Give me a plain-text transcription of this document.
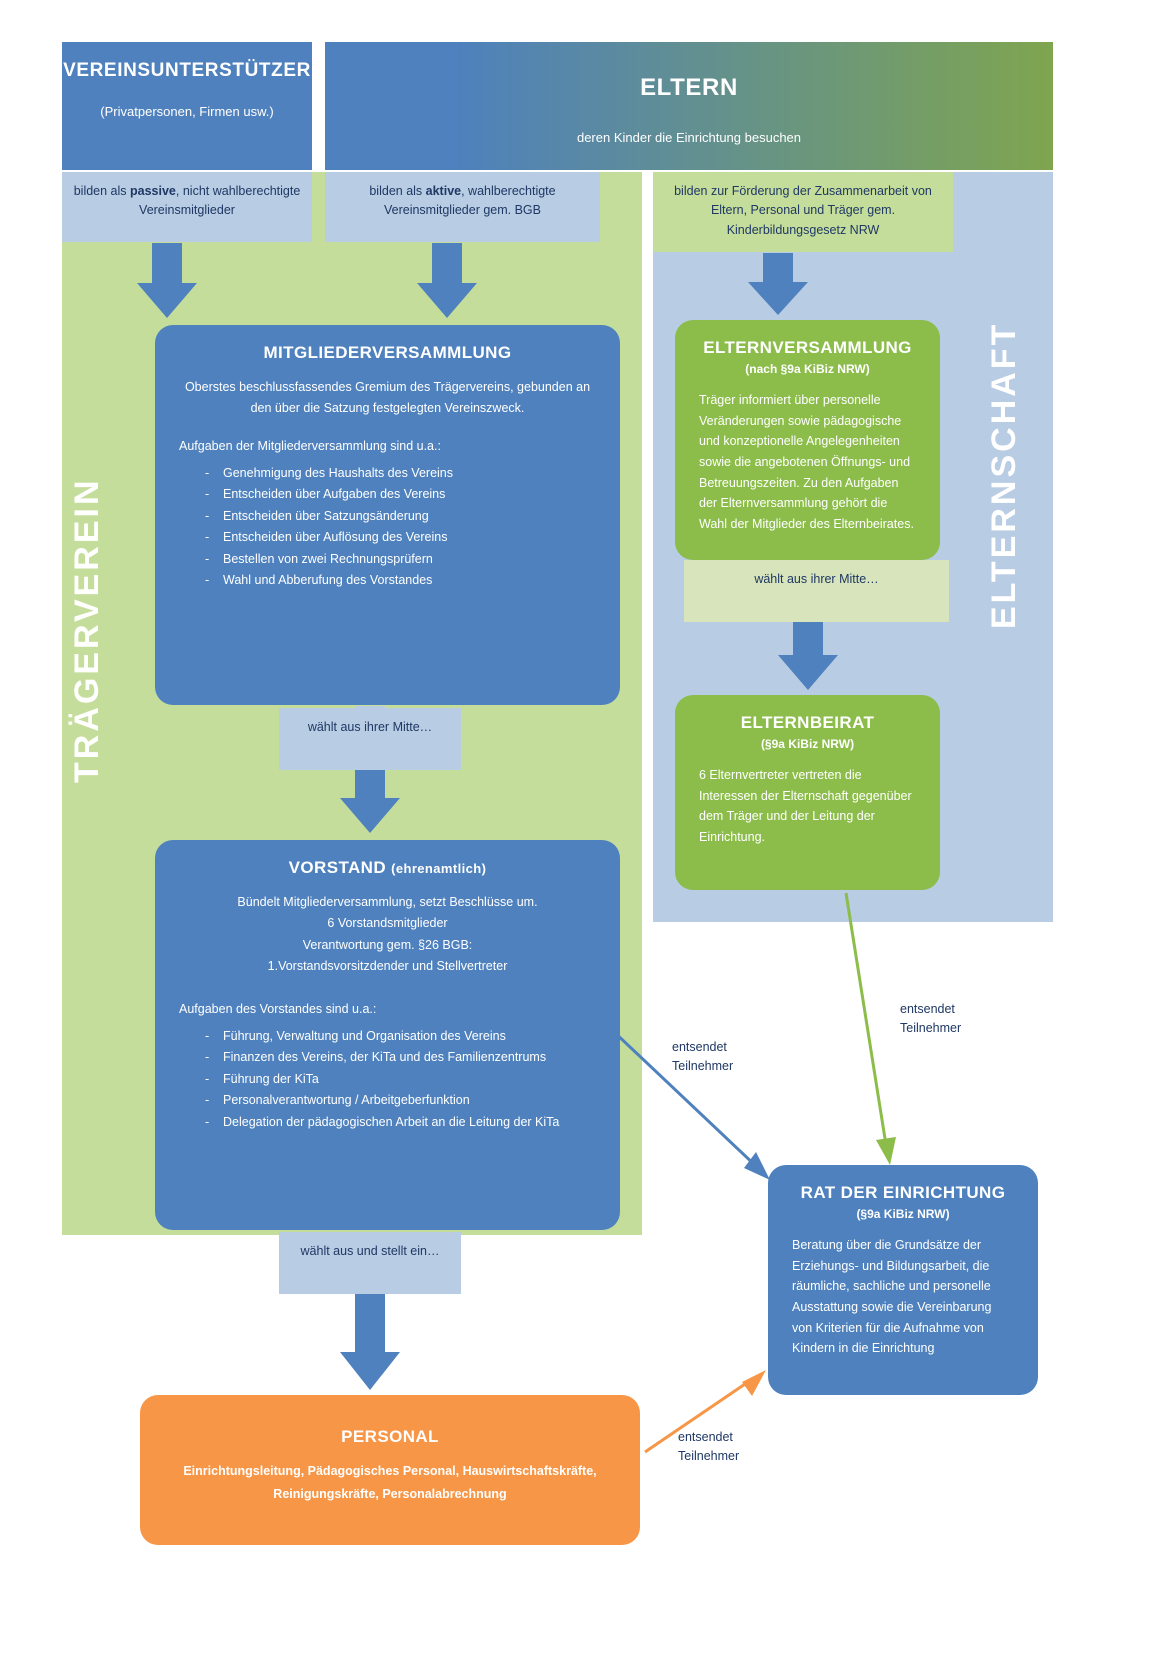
TRÄGERVEREIN
ELTERNSCHAFT
VEREINSUNTERSTÜTZER
(Privatpersonen, Firmen usw.)
ELTERN
deren Kinder die Einrichtung besuchen
bilden als passive, nicht wahlberechtigte Vereinsmitglieder
bilden als aktive, wahlberechtigte Vereinsmitglieder gem. BGB
bilden zur Förderung der Zusammenarbeit von Eltern, Personal und Träger gem. Kinderbildungsgesetz NRW
wählt aus ihrer Mitte…
wählt aus ihrer Mitte…
wählt aus und stellt ein…
entsendet Teilnehmer
entsendet Teilnehmer
entsendet Teilnehmer
MITGLIEDERVERSAMMLUNG

Oberstes beschlussfassendes Gremium des Trägervereins, gebunden an den über die Satzung festgelegten Vereinszweck.

Aufgaben der Mitgliederversammlung sind u.a.:

- Genehmigung des Haushalts des Vereins
- Entscheiden über Aufgaben des Vereins
- Entscheiden über Satzungsänderung
- Entscheiden über Auflösung des Vereins
- Bestellen von zwei Rechnungsprüfern
- Wahl und Abberufung des Vorstandes
VORSTAND (ehrenamtlich)

Bündelt Mitgliederversammlung, setzt Beschlüsse um.

6 Vorstandsmitglieder

Verantwortung gem. §26 BGB:

1.Vorstandsvorsitzdender und Stellvertreter

Aufgaben des Vorstandes sind u.a.:

- Führung, Verwaltung und Organisation des Vereins
- Finanzen des Vereins, der KiTa und des Familienzentrums
- Führung der KiTa
- Personalverantwortung / Arbeitgeberfunktion
- Delegation der pädagogischen Arbeit an die Leitung der KiTa
ELTERNVERSAMMLUNG
(nach §9a KiBiz NRW)

Träger informiert über personelle Veränderungen sowie pädagogische und konzeptionelle Angelegenheiten sowie die angebotenen Öffnungs- und Betreuungszeiten. Zu den Aufgaben der Elternversammlung gehört die Wahl der Mitglieder des Elternbeirates.

ELTERNBEIRAT
(§9a KiBiz NRW)

6 Elternvertreter vertreten die Interessen der Elternschaft gegenüber dem Träger und der Leitung der Einrichtung.

RAT DER EINRICHTUNG
(§9a KiBiz NRW)

Beratung über die Grundsätze der Erziehungs- und Bildungsarbeit, die räumliche, sachliche und personelle Ausstattung sowie die Vereinbarung von Kriterien für die Aufnahme von Kindern in die Einrichtung

PERSONAL

Einrichtungsleitung, Pädagogisches Personal, Hauswirtschaftskräfte,

Reinigungskräfte, Personalabrechnung
